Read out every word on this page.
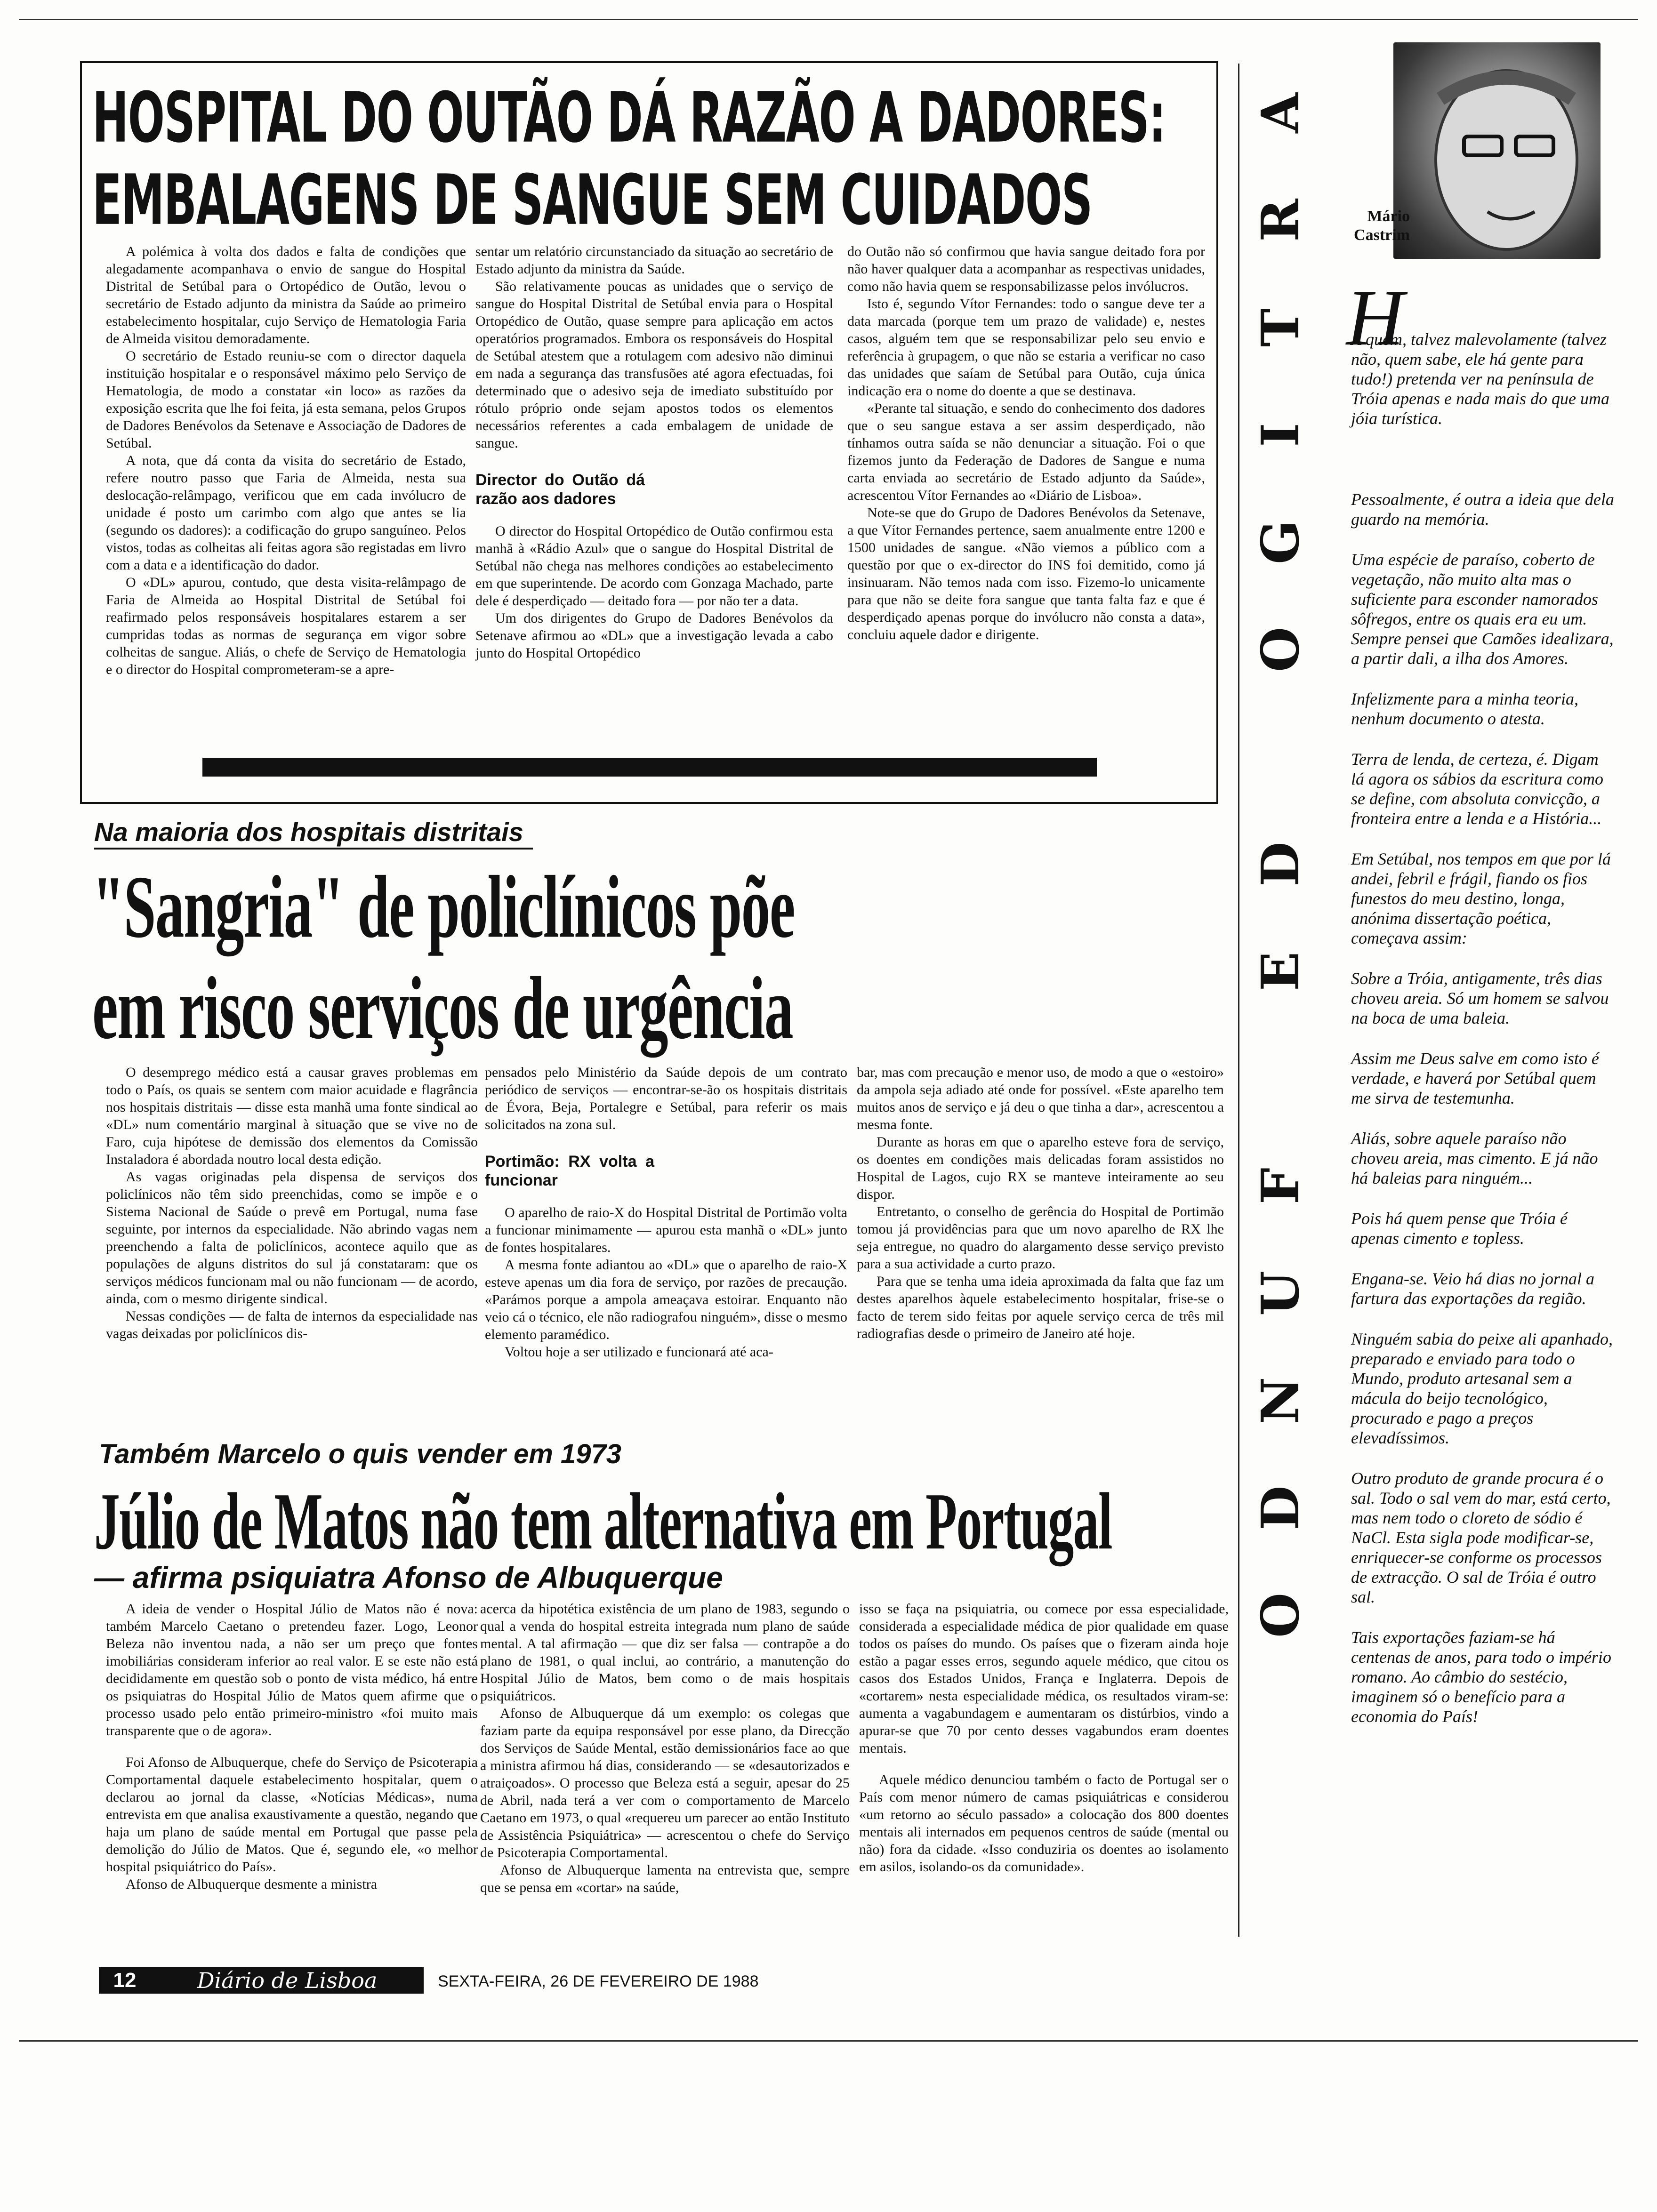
HOSPITAL DO OUTÃO DÁ RAZÃO A DADORES:
EMBALAGENS DE SANGUE SEM CUIDADOS

A polémica à volta dos dados e falta de condições que alegadamente acompanhava o envio de sangue do Hospital Distrital de Setúbal para o Ortopédico de Outão, levou o secretário de Estado adjunto da ministra da Saúde ao primeiro estabelecimento hospitalar, cujo Serviço de Hematologia Faria de Almeida visitou demoradamente.

O secretário de Estado reuniu-se com o director daquela instituição hospitalar e o responsável máximo pelo Serviço de Hematologia, de modo a constatar «in loco» as razões da exposição escrita que lhe foi feita, já esta semana, pelos Grupos de Dadores Benévolos da Setenave e Associação de Dadores de Setúbal.

A nota, que dá conta da visita do secretário de Estado, refere noutro passo que Faria de Almeida, nesta sua deslocação-relâmpago, verificou que em cada invólucro de unidade é posto um carimbo com algo que antes se lia (segundo os dadores): a codificação do grupo sanguíneo. Pelos vistos, todas as colheitas ali feitas agora são registadas em livro com a data e a identificação do dador.

O «DL» apurou, contudo, que desta visita-relâmpago de Faria de Almeida ao Hospital Distrital de Setúbal foi reafirmado pelos responsáveis hospitalares estarem a ser cumpridas todas as normas de segurança em vigor sobre colheitas de sangue. Aliás, o chefe de Serviço de Hematologia e o director do Hospital comprometeram-se a apre-

sentar um relatório circunstanciado da situação ao secretário de Estado adjunto da ministra da Saúde.

São relativamente poucas as unidades que o serviço de sangue do Hospital Distrital de Setúbal envia para o Hospital Ortopédico de Outão, quase sempre para aplicação em actos operatórios programados. Embora os responsáveis do Hospital de Setúbal atestem que a rotulagem com adesivo não diminui em nada a segurança das transfusões até agora efectuadas, foi determinado que o adesivo seja de imediato substituído por rótulo próprio onde sejam apostos todos os elementos necessários referentes a cada embalagem de unidade de sangue.

Director do Outão dá razão aos dadores

O director do Hospital Ortopédico de Outão confirmou esta manhã à «Rádio Azul» que o sangue do Hospital Distrital de Setúbal não chega nas melhores condições ao estabelecimento em que superintende. De acordo com Gonzaga Machado, parte dele é desperdiçado — deitado fora — por não ter a data.

Um dos dirigentes do Grupo de Dadores Benévolos da Setenave afirmou ao «DL» que a investigação levada a cabo junto do Hospital Ortopédico

do Outão não só confirmou que havia sangue deitado fora por não haver qualquer data a acompanhar as respectivas unidades, como não havia quem se responsabilizasse pelos invólucros.

Isto é, segundo Vítor Fernandes: todo o sangue deve ter a data marcada (porque tem um prazo de validade) e, nestes casos, alguém tem que se responsabilizar pelo seu envio e referência à grupagem, o que não se estaria a verificar no caso das unidades que saíam de Setúbal para Outão, cuja única indicação era o nome do doente a que se destinava.

«Perante tal situação, e sendo do conhecimento dos dadores que o seu sangue estava a ser assim desperdiçado, não tínhamos outra saída se não denunciar a situação. Foi o que fizemos junto da Federação de Dadores de Sangue e numa carta enviada ao secretário de Estado adjunto da Saúde», acrescentou Vítor Fernandes ao «Diário de Lisboa».

Note-se que do Grupo de Dadores Benévolos da Setenave, a que Vítor Fernandes pertence, saem anualmente entre 1200 e 1500 unidades de sangue. «Não viemos a público com a questão por que o ex-director do INS foi demitido, como já insinuaram. Não temos nada com isso. Fizemo-lo unicamente para que não se deite fora sangue que tanta falta faz e que é desperdiçado apenas porque do invólucro não consta a data», concluiu aquele dador e dirigente.

Na maioria dos hospitais distritais
"Sangria" de policlínicos põe
em risco serviços de urgência

O desemprego médico está a causar graves problemas em todo o País, os quais se sentem com maior acuidade e flagrância nos hospitais distritais — disse esta manhã uma fonte sindical ao «DL» num comentário marginal à situação que se vive no de Faro, cuja hipótese de demissão dos elementos da Comissão Instaladora é abordada noutro local desta edição.

As vagas originadas pela dispensa de serviços dos policlínicos não têm sido preenchidas, como se impõe e o Sistema Nacional de Saúde o prevê em Portugal, numa fase seguinte, por internos da especialidade. Não abrindo vagas nem preenchendo a falta de policlínicos, acontece aquilo que as populações de alguns distritos do sul já constataram: que os serviços médicos funcionam mal ou não funcionam — de acordo, ainda, com o mesmo dirigente sindical.

Nessas condições — de falta de internos da especialidade nas vagas deixadas por policlínicos dis-

pensados pelo Ministério da Saúde depois de um contrato periódico de serviços — encontrar-se-ão os hospitais distritais de Évora, Beja, Portalegre e Setúbal, para referir os mais solicitados na zona sul.

Portimão: RX volta a funcionar

O aparelho de raio-X do Hospital Distrital de Portimão volta a funcionar minimamente — apurou esta manhã o «DL» junto de fontes hospitalares.

A mesma fonte adiantou ao «DL» que o aparelho de raio-X esteve apenas um dia fora de serviço, por razões de precaução. «Parámos porque a ampola ameaçava estoirar. Enquanto não veio cá o técnico, ele não radiografou ninguém», disse o mesmo elemento paramédico.

Voltou hoje a ser utilizado e funcionará até aca-

bar, mas com precaução e menor uso, de modo a que o «estoiro» da ampola seja adiado até onde for possível. «Este aparelho tem muitos anos de serviço e já deu o que tinha a dar», acrescentou a mesma fonte.

Durante as horas em que o aparelho esteve fora de serviço, os doentes em condições mais delicadas foram assistidos no Hospital de Lagos, cujo RX se manteve inteiramente ao seu dispor.

Entretanto, o conselho de gerência do Hospital de Portimão tomou já providências para que um novo aparelho de RX lhe seja entregue, no quadro do alargamento desse serviço previsto para a sua actividade a curto prazo.

Para que se tenha uma ideia aproximada da falta que faz um destes aparelhos àquele estabelecimento hospitalar, frise-se o facto de terem sido feitas por aquele serviço cerca de três mil radiografias desde o primeiro de Janeiro até hoje.

Também Marcelo o quis vender em 1973
Júlio de Matos não tem alternativa em Portugal
— afirma psiquiatra Afonso de Albuquerque

A ideia de vender o Hospital Júlio de Matos não é nova: também Marcelo Caetano o pretendeu fazer. Logo, Leonor Beleza não inventou nada, a não ser um preço que fontes imobiliárias consideram inferior ao real valor. E se este não está decididamente em questão sob o ponto de vista médico, há entre os psiquiatras do Hospital Júlio de Matos quem afirme que o processo usado pelo então primeiro-ministro «foi muito mais transparente que o de agora».

Foi Afonso de Albuquerque, chefe do Serviço de Psicoterapia Comportamental daquele estabelecimento hospitalar, quem o declarou ao jornal da classe, «Notícias Médicas», numa entrevista em que analisa exaustivamente a questão, negando que haja um plano de saúde mental em Portugal que passe pela demolição do Júlio de Matos. Que é, segundo ele, «o melhor hospital psiquiátrico do País».

Afonso de Albuquerque desmente a ministra

acerca da hipotética existência de um plano de 1983, segundo o qual a venda do hospital estreita integrada num plano de saúde mental. A tal afirmação — que diz ser falsa — contrapõe a do plano de 1981, o qual inclui, ao contrário, a manutenção do Hospital Júlio de Matos, bem como o de mais hospitais psiquiátricos.

Afonso de Albuquerque dá um exemplo: os colegas que faziam parte da equipa responsável por esse plano, da Direcção dos Serviços de Saúde Mental, estão demissionários face ao que a ministra afirmou há dias, considerando — se «desautorizados e atraiçoados». O processo que Beleza está a seguir, apesar do 25 de Abril, nada terá a ver com o comportamento de Marcelo Caetano em 1973, o qual «requereu um parecer ao então Instituto de Assistência Psiquiátrica» — acrescentou o chefe do Serviço de Psicoterapia Comportamental.

Afonso de Albuquerque lamenta na entrevista que, sempre que se pensa em «cortar» na saúde,

isso se faça na psiquiatria, ou comece por essa especialidade, considerada a especialidade médica de pior qualidade em quase todos os países do mundo. Os países que o fizeram ainda hoje estão a pagar esses erros, segundo aquele médico, que citou os casos dos Estados Unidos, França e Inglaterra. Depois de «cortarem» nesta especialidade médica, os resultados viram-se: aumenta a vagabundagem e aumentaram os distúrbios, vindo a apurar-se que 70 por cento desses vagabundos eram doentes mentais.

Aquele médico denunciou também o facto de Portugal ser o País com menor número de camas psiquiátricas e considerou «um retorno ao século passado» a colocação dos 800 doentes mentais ali internados em pequenos centros de saúde (mental ou não) fora da cidade. «Isso conduziria os doentes ao isolamento em asilos, isolando-os da comunidade».

A
R
T
I
G
O
D
E
F
U
N
D
O
Mário Castrim
H

Á quem, talvez malevolamente (talvez não, quem sabe, ele há gente para tudo!) pretenda ver na península de Tróia apenas e nada mais do que uma jóia turística.

Pessoalmente, é outra a ideia que dela guardo na memória.

Uma espécie de paraíso, coberto de vegetação, não muito alta mas o suficiente para esconder namorados sôfregos, entre os quais era eu um. Sempre pensei que Camões idealizara, a partir dali, a ilha dos Amores.

Infelizmente para a minha teoria, nenhum documento o atesta.

Terra de lenda, de certeza, é. Digam lá agora os sábios da escritura como se define, com absoluta convicção, a fronteira entre a lenda e a História...

Em Setúbal, nos tempos em que por lá andei, febril e frágil, fiando os fios funestos do meu destino, longa, anónima dissertação poética, começava assim:

Sobre a Tróia, antigamente, três dias choveu areia. Só um homem se salvou na boca de uma baleia.

Assim me Deus salve em como isto é verdade, e haverá por Setúbal quem me sirva de testemunha.

Aliás, sobre aquele paraíso não choveu areia, mas cimento. E já não há baleias para ninguém...

Pois há quem pense que Tróia é apenas cimento e topless.

Engana-se. Veio há dias no jornal a fartura das exportações da região.

Ninguém sabia do peixe ali apanhado, preparado e enviado para todo o Mundo, produto artesanal sem a mácula do beijo tecnológico, procurado e pago a preços elevadíssimos.

Outro produto de grande procura é o sal. Todo o sal vem do mar, está certo, mas nem todo o cloreto de sódio é NaCl. Esta sigla pode modificar-se, enriquecer-se conforme os processos de extracção. O sal de Tróia é outro sal.

Tais exportações faziam-se há centenas de anos, para todo o império romano. Ao câmbio do sestécio, imaginem só o benefício para a economia do País!

12	Diário de Lisboa	SEXTA-FEIRA, 26 DE FEVEREIRO DE 1988
